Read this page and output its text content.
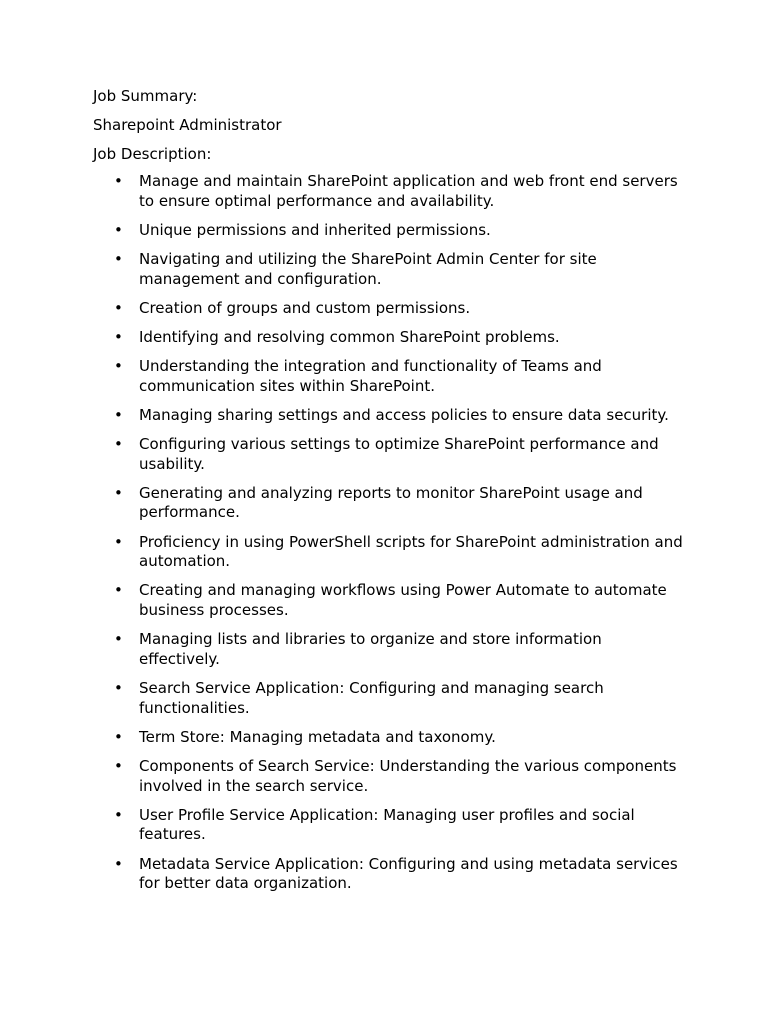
Job Summary:

Sharepoint Administrator

Job Description:

• Manage and maintain SharePoint application and web front end servers to ensure optimal performance and availability.
• Unique permissions and inherited permissions.
• Navigating and utilizing the SharePoint Admin Center for site management and configuration.
• Creation of groups and custom permissions.
• Identifying and resolving common SharePoint problems.
• Understanding the integration and functionality of Teams and communication sites within SharePoint.
• Managing sharing settings and access policies to ensure data security.
• Configuring various settings to optimize SharePoint performance and usability.
• Generating and analyzing reports to monitor SharePoint usage and performance.
• Proficiency in using PowerShell scripts for SharePoint administration and automation.
• Creating and managing workflows using Power Automate to automate business processes.
• Managing lists and libraries to organize and store information effectively.
• Search Service Application: Configuring and managing search functionalities.
• Term Store: Managing metadata and taxonomy.
• Components of Search Service: Understanding the various components involved in the search service.
• User Profile Service Application: Managing user profiles and social features.
• Metadata Service Application: Configuring and using metadata services for better data organization.
